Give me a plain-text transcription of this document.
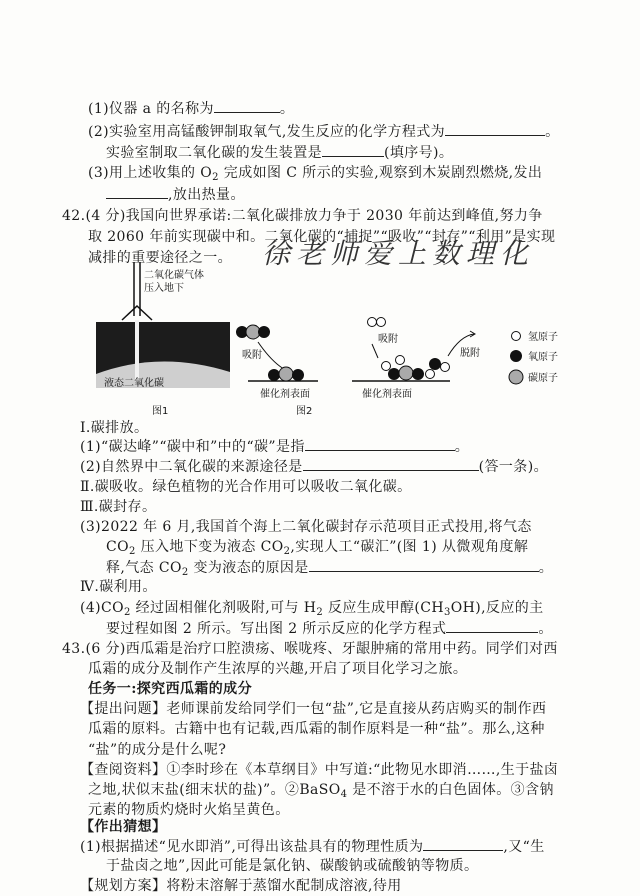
(1)仪器 a 的名称为	。
(2)实验室用高锰酸钾制取氧气,发生反应的化学方程式为	。
实验室制取二氧化碳的发生装置是	(填序号)。
(3)用上述收集的 $O_2$ 完成如图 C 所示的实验,观察到木炭剧烈燃烧,发出
,放出热量。
42.(4 分)我国向世界承诺:二氧化碳排放力争于 2030 年前达到峰值,努力争
取 2060 年前实现碳中和。二氧化碳的“捕捉”“吸收”“封存”“利用”是实现
减排的重要途径之一。 徐老师爱上数理化
二氧化碳气体
压入地下
液态二氧化碳
图1
吸附
催化剂表面
图2
吸附
催化剂表面
脱附
氢原子
氧原子
碳原子
Ⅰ.碳排放。
(1)“碳达峰”“碳中和”中的“碳”是指	。
(2)自然界中二氧化碳的来源途径是	(答一条)。
Ⅱ.碳吸收。绿色植物的光合作用可以吸收二氧化碳。
Ⅲ.碳封存。
(3)2022 年 6 月,我国首个海上二氧化碳封存示范项目正式投用,将气态
$CO_2$ 压入地下变为液态 $CO_2$,实现人工“碳汇”(图 1) 从微观角度解
释,气态 $CO_2$ 变为液态的原因是	。
Ⅳ.碳利用。
$(4)CO_2$ 经过固相催化剂吸附,可与 $H_2$ 反应生成甲醇$(CH_3OH)$,反应的主
要过程如图 2 所示。写出图 2 所示反应的化学方程式	。
43.(6 分)西瓜霜是治疗口腔溃疡、喉咙疼、牙龈肿痛的常用中药。同学们对西
瓜霜的成分及制作产生浓厚的兴趣,开启了项目化学习之旅。
任务一:探究西瓜霜的成分
【提出问题】老师课前发给同学们一包“盐”,它是直接从药店购买的制作西
瓜霜的原料。古籍中也有记载,西瓜霜的制作原料是一种“盐”。那么,这种
“盐”的成分是什么呢?
【查阅资料】①李时珍在《本草纲目》中写道:“此物见水即消……,生于盐卤
之地,状似末盐(细末状的盐)”。②BaSO$_4$ 是不溶于水的白色固体。③含钠
元素的物质灼烧时火焰呈黄色。
【作出猜想】
(1)根据描述“见水即消”,可得出该盐具有的物理性质为	,又“生
于盐卤之地”,因此可能是氯化钠、碳酸钠或硫酸钠等物质。
【规划方案】将粉末溶解于蒸馏水配制成溶液,待用
